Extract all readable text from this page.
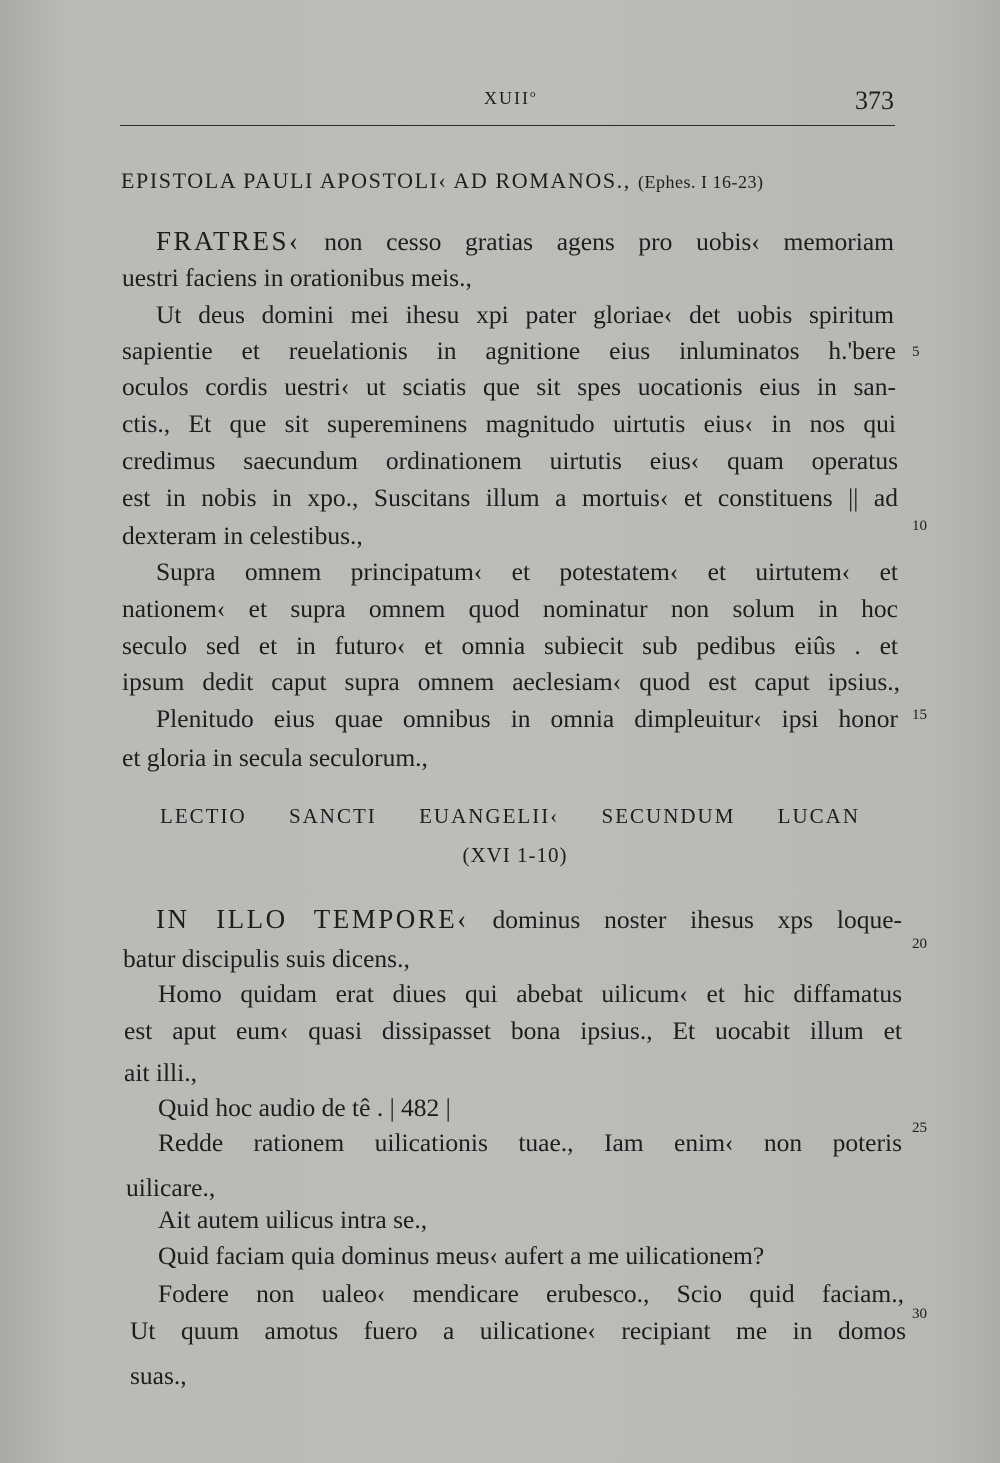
XUII$^o$	373
EPISTOLA PAULI APOSTOLI‹ AD ROMANOS., (Ephes. I 16-23)
FRATRES‹ non cesso gratias agens pro uobis‹ memoriam
uestri faciens in orationibus meis.,
Ut deus domini mei ihesu xpi pater gloriae‹ det uobis spiritum
sapientie et reuelationis in agnitione eius inluminatos h.'bere
oculos cordis uestri‹ ut sciatis que sit spes uocationis eius in san-
ctis., Et que sit supereminens magnitudo uirtutis eius‹ in nos qui
credimus saecundum ordinationem uirtutis eius‹ quam operatus
est in nobis in xpo., Suscitans illum a mortuis‹ et constituens || ad
dexteram in celestibus.,
Supra omnem principatum‹ et potestatem‹ et uirtutem‹ et
nationem‹ et supra omnem quod nominatur non solum in hoc
seculo sed et in futuro‹ et omnia subiecit sub pedibus eiûs . et
ipsum dedit caput supra omnem aeclesiam‹ quod est caput ipsius.,
Plenitudo eius quae omnibus in omnia dimpleuitur‹ ipsi honor
et gloria in secula seculorum.,
LECTIO SANCTI EUANGELII‹ SECUNDUM LUCAN
(XVI 1-10)
IN ILLO TEMPORE‹ dominus noster ihesus xps loque-
batur discipulis suis dicens.,
Homo quidam erat diues qui abebat uilicum‹ et hic diffamatus
est aput eum‹ quasi dissipasset bona ipsius., Et uocabit illum et
ait illi.,
Quid hoc audio de tê . | 482 |
Redde rationem uilicationis tuae., Iam enim‹ non poteris
uilicare.,
Ait autem uilicus intra se.,
Quid faciam quia dominus meus‹ aufert a me uilicationem?
Fodere non ualeo‹ mendicare erubesco., Scio quid faciam.,
Ut quum amotus fuero a uilicatione‹ recipiant me in domos
suas.,
5
10
15
20
25
30
